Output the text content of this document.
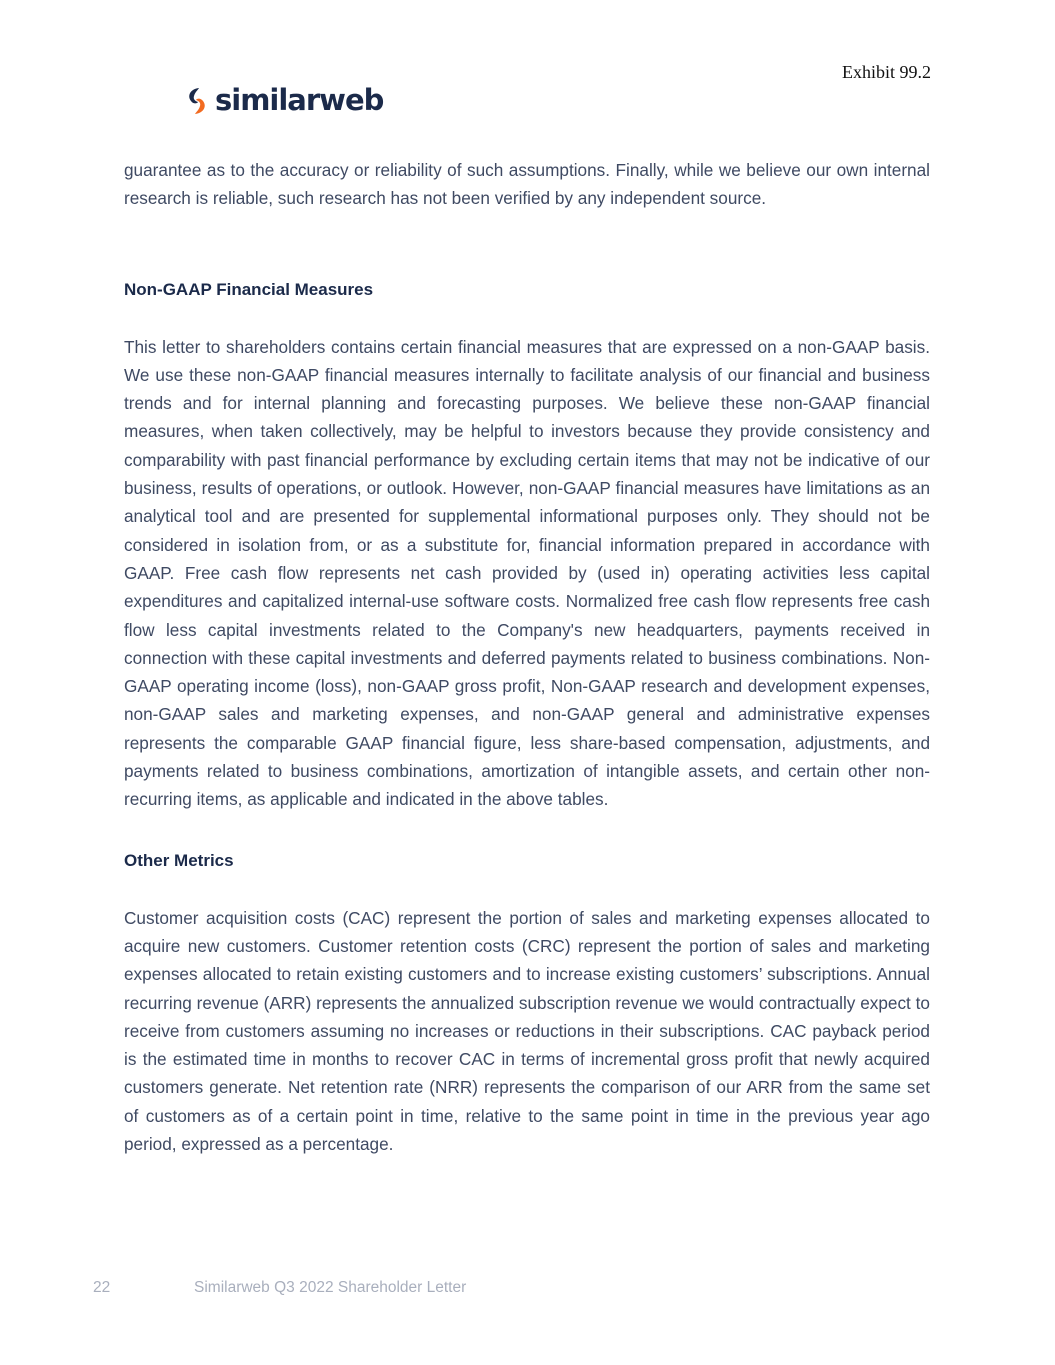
Exhibit 99.2
similarweb

guarantee as to the accuracy or reliability of such assumptions. Finally, while we believe our own internal research is reliable, such research has not been verified by any independent source.

Non-GAAP Financial Measures

This letter to shareholders contains certain financial measures that are expressed on a non-GAAP basis. We use these non-GAAP financial measures internally to facilitate analysis of our financial and business trends and for internal planning and forecasting purposes. We believe these non-GAAP financial measures, when taken collectively, may be helpful to investors because they provide consistency and comparability with past financial performance by excluding certain items that may not be indicative of our business, results of operations, or outlook. However, non-GAAP financial measures have limitations as an analytical tool and are presented for supplemental informational purposes only. They should not be considered in isolation from, or as a substitute for, financial information prepared in accordance with GAAP. Free cash flow represents net cash provided by (used in) operating activities less capital expenditures and capitalized internal-use software costs. Normalized free cash flow represents free cash flow less capital investments related to the Company's new headquarters, payments received in connection with these capital investments and deferred payments related to business combinations. Non-GAAP operating income (loss), non-GAAP gross profit, Non-GAAP research and development expenses, non-GAAP sales and marketing expenses, and non-GAAP general and administrative expenses represents the comparable GAAP financial figure, less share-based compensation, adjustments, and payments related to business combinations, amortization of intangible assets, and certain other non-recurring items, as applicable and indicated in the above tables.

Other Metrics

Customer acquisition costs (CAC) represent the portion of sales and marketing expenses allocated to acquire new customers. Customer retention costs (CRC) represent the portion of sales and marketing expenses allocated to retain existing customers and to increase existing customers’ subscriptions. Annual recurring revenue (ARR) represents the annualized subscription revenue we would contractually expect to receive from customers assuming no increases or reductions in their subscriptions. CAC payback period is the estimated time in months to recover CAC in terms of incremental gross profit that newly acquired customers generate. Net retention rate (NRR) represents the comparison of our ARR from the same set of customers as of a certain point in time, relative to the same point in time in the previous year ago period, expressed as a percentage.

22	Similarweb Q3 2022 Shareholder Letter
